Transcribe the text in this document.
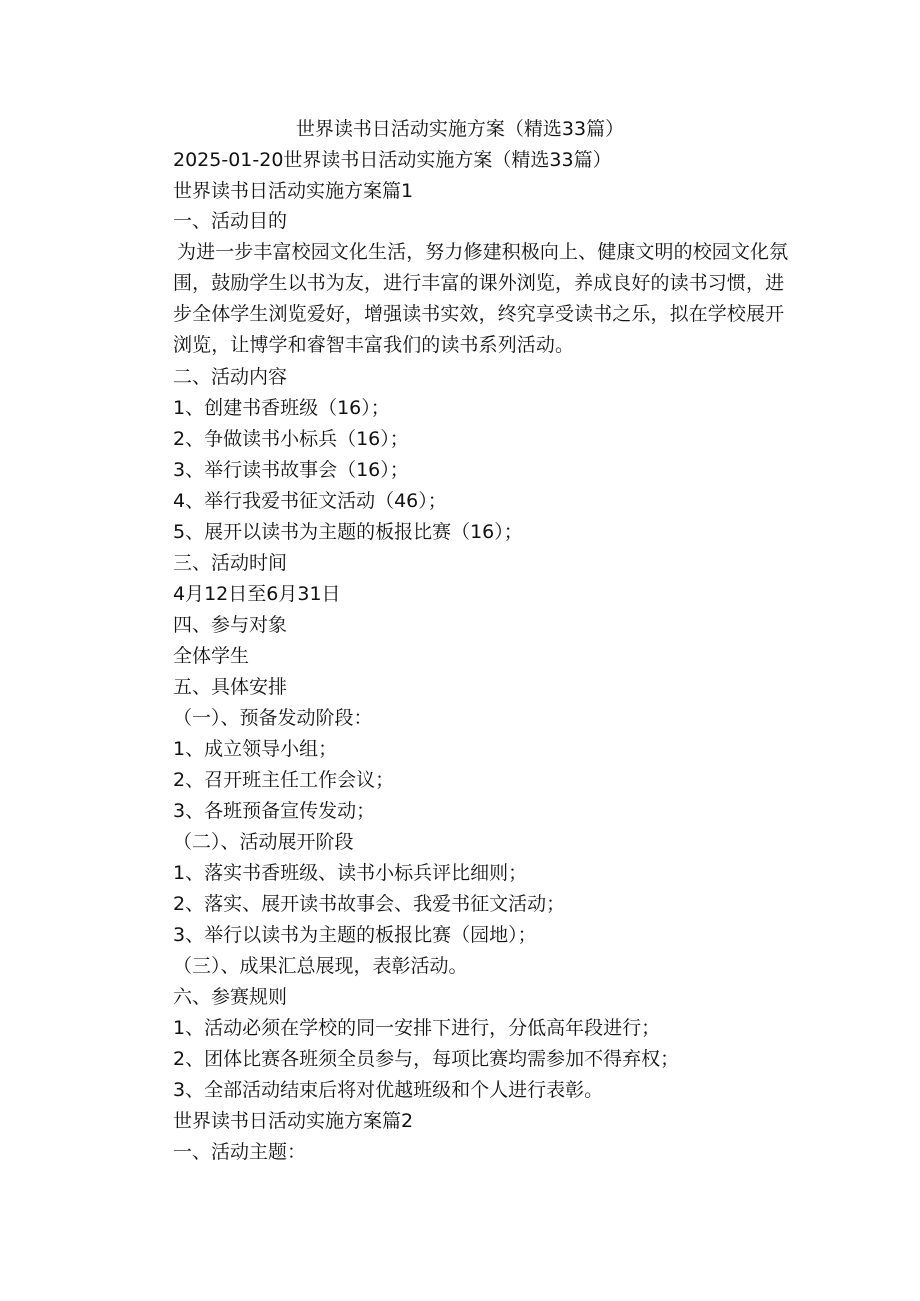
世界读书日活动实施方案（精选33篇）
2025-01-20世界读书日活动实施方案（精选33篇）
世界读书日活动实施方案篇1
一、活动目的
为进一步丰富校园文化生活，努力修建积极向上、健康文明的校园文化氛围，鼓励学生以书为友，进行丰富的课外浏览，养成良好的读书习惯，进步全体学生浏览爱好，增强读书实效，终究享受读书之乐，拟在学校展开浏览，让博学和睿智丰富我们的读书系列活动。
二、活动内容
1、创建书香班级（16）；
2、争做读书小标兵（16）；
3、举行读书故事会（16）；
4、举行我爱书征文活动（46）；
5、展开以读书为主题的板报比赛（16）；
三、活动时间
4月12日至6月31日
四、参与对象
全体学生
五、具体安排
（一）、预备发动阶段：
1、成立领导小组；
2、召开班主任工作会议；
3、各班预备宣传发动；
（二）、活动展开阶段
1、落实书香班级、读书小标兵评比细则；
2、落实、展开读书故事会、我爱书征文活动；
3、举行以读书为主题的板报比赛（园地）；
（三）、成果汇总展现，表彰活动。
六、参赛规则
1、活动必须在学校的同一安排下进行，分低高年段进行；
2、团体比赛各班须全员参与，每项比赛均需参加不得弃权；
3、全部活动结束后将对优越班级和个人进行表彰。
世界读书日活动实施方案篇2
一、活动主题：
